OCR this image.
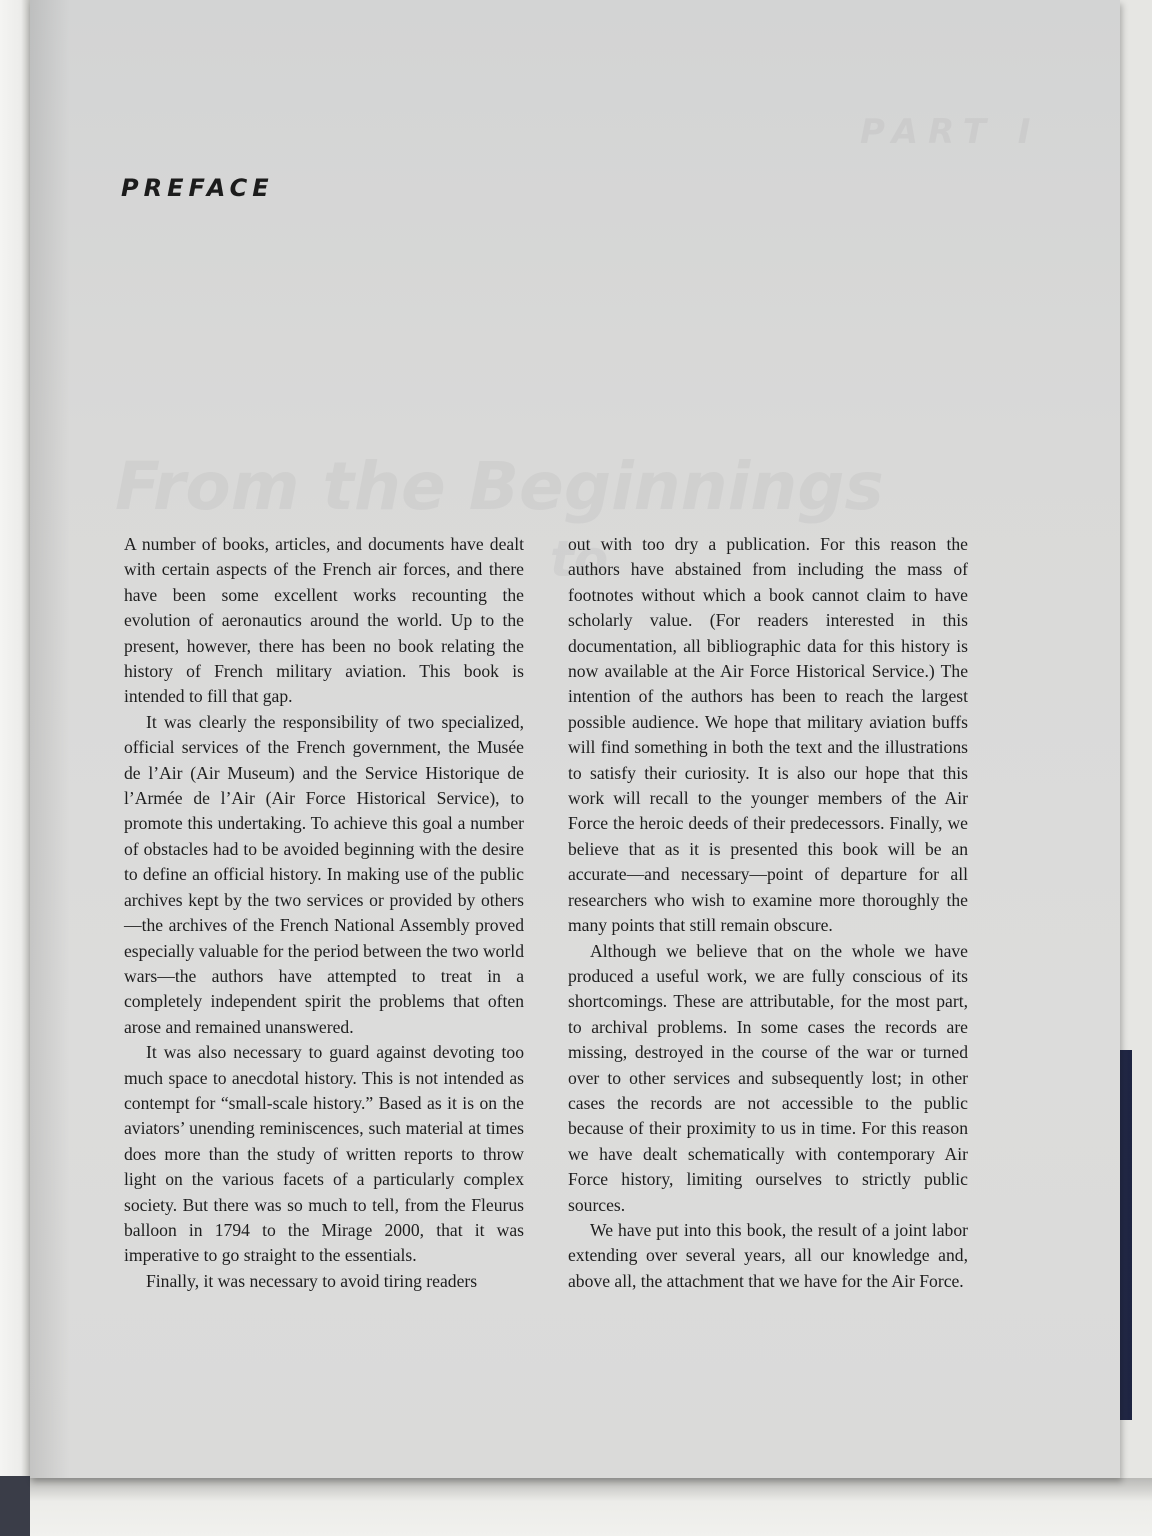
PART I
From the Beginnings
to
PREFACE

A number of books, articles, and documents have dealt with certain aspects of the French air forces, and there have been some excellent works recounting the evolution of aeronautics around the world. Up to the present, however, there has been no book relating the history of French military aviation. This book is intended to fill that gap.

It was clearly the responsibility of two specialized, official services of the French government, the Musée de l’Air (Air Museum) and the Service Historique de l’Armée de l’Air (Air Force Historical Service), to promote this undertaking. To achieve this goal a number of obstacles had to be avoided beginning with the desire to define an official history. In making use of the public archives kept by the two services or provided by others—the archives of the French National Assembly proved especially valuable for the period between the two world wars—the authors have attempted to treat in a completely independent spirit the problems that often arose and remained unanswered.

It was also necessary to guard against devoting too much space to anecdotal history. This is not intended as contempt for “small-scale history.” Based as it is on the aviators’ unending reminiscences, such material at times does more than the study of written reports to throw light on the various facets of a particularly complex society. But there was so much to tell, from the Fleurus balloon in 1794 to the Mirage 2000, that it was imperative to go straight to the essentials.

Finally, it was necessary to avoid tiring readers

out with too dry a publication. For this reason the authors have abstained from including the mass of footnotes without which a book cannot claim to have scholarly value. (For readers interested in this documentation, all bibliographic data for this history is now available at the Air Force Historical Service.) The intention of the authors has been to reach the largest possible audience. We hope that military aviation buffs will find something in both the text and the illustrations to satisfy their curiosity. It is also our hope that this work will recall to the younger members of the Air Force the heroic deeds of their predecessors. Finally, we believe that as it is presented this book will be an accurate—and necessary—point of departure for all researchers who wish to examine more thoroughly the many points that still remain obscure.

Although we believe that on the whole we have produced a useful work, we are fully conscious of its shortcomings. These are attributable, for the most part, to archival problems. In some cases the records are missing, destroyed in the course of the war or turned over to other services and subsequently lost; in other cases the records are not accessible to the public because of their proximity to us in time. For this reason we have dealt schematically with contemporary Air Force history, limiting ourselves to strictly public sources.

We have put into this book, the result of a joint labor extending over several years, all our knowledge and, above all, the attachment that we have for the Air Force.
